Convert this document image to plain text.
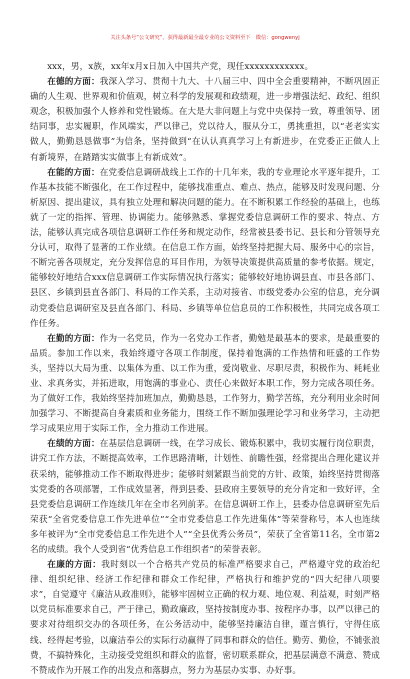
关注头条号“公文研究”，获得最新最全最专业的公文资料至下　微信：gongwenyj

xxx，男，x族，xx年x月x日加入中国共产党，现任xxxxxxxxxxxx。

在德的方面：我深入学习、贯彻十九大、十八届三中、四中全会重要精神，不断巩固正确的人生观、世界观和价值观，树立科学的发展观和政绩观，进一步增强法纪、政纪、组织观念，积极加强个人修养和党性锻炼。在大是大非问题上与党中央保持一致，尊重领导、团结同事，忠实履职，作风端实，严以律己，党以待人，服从分工，勇挑重担，以“老老实实做人，勤勤恳恳做事”为信条，坚持做到“在认认真真学习上有新进步，在党委正正做人上有新境界，在踏踏实实做事上有新成效”。

在能的方面：在党委信息调研战线上工作的十几年来，我的专业理论水平逐年提升，工作基本技能不断强化，在工作过程中，能够找准重点、难点、热点，能够及时发现问题、分析原因、提出建议，具有独立处理和解决问题的能力。在不断积累工作经验的基础上，也练就了一定的指挥、管理、协调能力。能够熟悉、掌握党委信息调研工作的要求、特点、方法，能够认真完成各项信息调研工作任务和规定动作，经常被县委书记、县长和分管领导充分认可，取得了显著的工作业绩。在信息工作方面，始终坚持把握大局、服务中心的宗旨，不断完善各项规定，充分发挥信息的耳目作用，为领导决策提供高质量的参考依据。规定，能够较好地结合xxx信息调研工作实际情况执行落实；能够较好地协调县直、市县各部门、县区、乡镇到县直各部门、科局的工作关系，主动对接省、市级党委办公室的信息，充分调动党委信息调研室及县直各部门、科局、乡镇等单位信息员的工作积极性，共同完成各项工作任务。

在勤的方面：作为一名党员，作为一名党办工作者，勤勉是最基本的要求，是最重要的品质。参加工作以来，我始终遵守各项工作制度，保持着饱满的工作热情和旺盛的工作势头，坚持以大局为重、以集体为重、以工作为重，爱岗敬业、尽职尽责，积极作为、耗耗业业、求真务实，并拓进取，用饱满的事业心、责任心来做好本职工作，努力完成各项任务。为了做好工作，我始终坚持加班加点，勤勤恳恳，工作努力，勤学苦练，充分利用业余时间加强学习、不断提高自身素质和业务能力，围绕工作不断加强理论学习和业务学习，主动把学习成果应用于实际工作，全力推动工作进展。

在绩的方面：在基层信息调研一线，在学习成长、锻炼积累中，我切实履行岗位职责，讲究工作方法，不断提高效率，工作思路清晰，计划性、前瞻性强，经常提出合理化建议并获采纳，能够推动工作不断取得进步；能够时刻紧跟当前党的方针、政策，始终坚持贯彻落实党委的各项部署，工作成效显著，得到县委、县政府主要领导的充分肯定和一致好评，全县党委信息调研工作连续几年在全市名列前茅。在信息调研工作上，县委办信息调研室先后荣获“全省党委信息工作先进单位”“全市党委信息工作先进集体”等荣誉称号，本人也连续多年被评为“全市党委信息工作先进个人”“全县优秀公务员”，荣获了全省第11名，全市第2名的成绩。我个人受到省“优秀信息工作组织者”的荣誉表彰。

在廉的方面：我时刻以一个合格共产党员的标准严格要求自己，严格遵守党的政治纪律、组织纪律、经济工作纪律和群众工作纪律，严格执行和维护党的“四大纪律八项要求”，自觉遵守《廉洁从政准则》，能够牢固树立正确的权力观、地位观、利益观，时刻严格以党员标准要求自己，严于律己，勤政廉政，坚持按制度办事、按程序办事，以严以律己的要求对待组织交办的各项任务，在公务活动中，能够坚持廉洁自律，谨言慎行，守得住底线、经得起考验，以廉洁奉公的实际行动赢得了同事和群众的信任。勤劳、勤俭，不铺张浪费，不搞特殊化，主动接受党组织和群众的监督，密切联系群众，把基层满意不满意、赞成不赞成作为开展工作的出发点和落脚点，努力为基层办实事、办好事。
